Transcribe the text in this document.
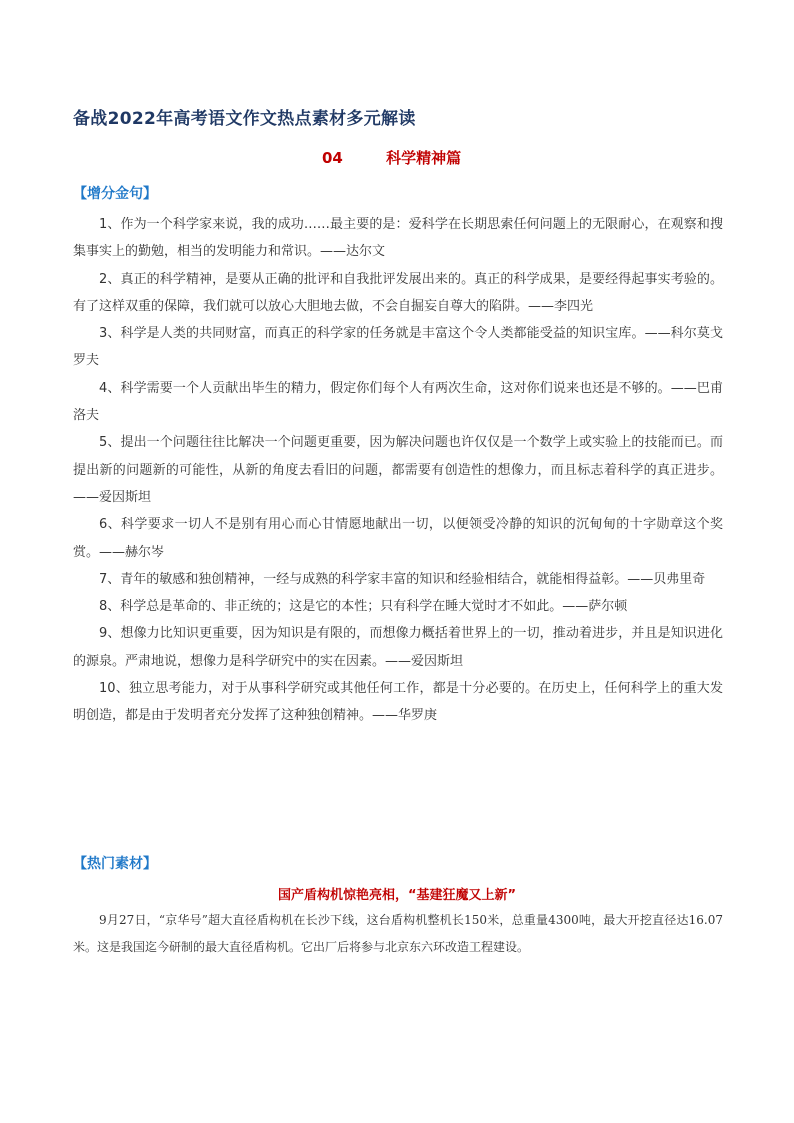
备战2022年高考语文作文热点素材多元解读
04	科学精神篇
【增分金句】
1、作为一个科学家来说，我的成功……最主要的是：爱科学在长期思索任何问题上的无限耐心，在观察和搜集事实上的勤勉，相当的发明能力和常识。——达尔文
2、真正的科学精神，是要从正确的批评和自我批评发展出来的。真正的科学成果，是要经得起事实考验的。有了这样双重的保障，我们就可以放心大胆地去做，不会自掘妄自尊大的陷阱。——李四光
3、科学是人类的共同财富，而真正的科学家的任务就是丰富这个令人类都能受益的知识宝库。——科尔莫戈罗夫
4、科学需要一个人贡献出毕生的精力，假定你们每个人有两次生命，这对你们说来也还是不够的。——巴甫洛夫
5、提出一个问题往往比解决一个问题更重要，因为解决问题也许仅仅是一个数学上或实验上的技能而已。而提出新的问题新的可能性，从新的角度去看旧的问题，都需要有创造性的想像力，而且标志着科学的真正进步。——爱因斯坦
6、科学要求一切人不是别有用心而心甘情愿地献出一切，以便领受冷静的知识的沉甸甸的十字勋章这个奖赏。——赫尔岑
7、青年的敏感和独创精神，一经与成熟的科学家丰富的知识和经验相结合，就能相得益彰。——贝弗里奇
8、科学总是革命的、非正统的；这是它的本性；只有科学在睡大觉时才不如此。——萨尔顿
9、想像力比知识更重要，因为知识是有限的，而想像力概括着世界上的一切，推动着进步，并且是知识进化的源泉。严肃地说，想像力是科学研究中的实在因素。——爱因斯坦
10、独立思考能力，对于从事科学研究或其他任何工作，都是十分必要的。在历史上，任何科学上的重大发明创造，都是由于发明者充分发挥了这种独创精神。——华罗庚
【热门素材】
国产盾构机惊艳亮相，“基建狂魔又上新”

9月27日，“京华号”超大直径盾构机在长沙下线，这台盾构机整机长150米，总重量4300吨，最大开挖直径达16.07米。这是我国迄今研制的最大直径盾构机。它出厂后将参与北京东六环改造工程建设。
